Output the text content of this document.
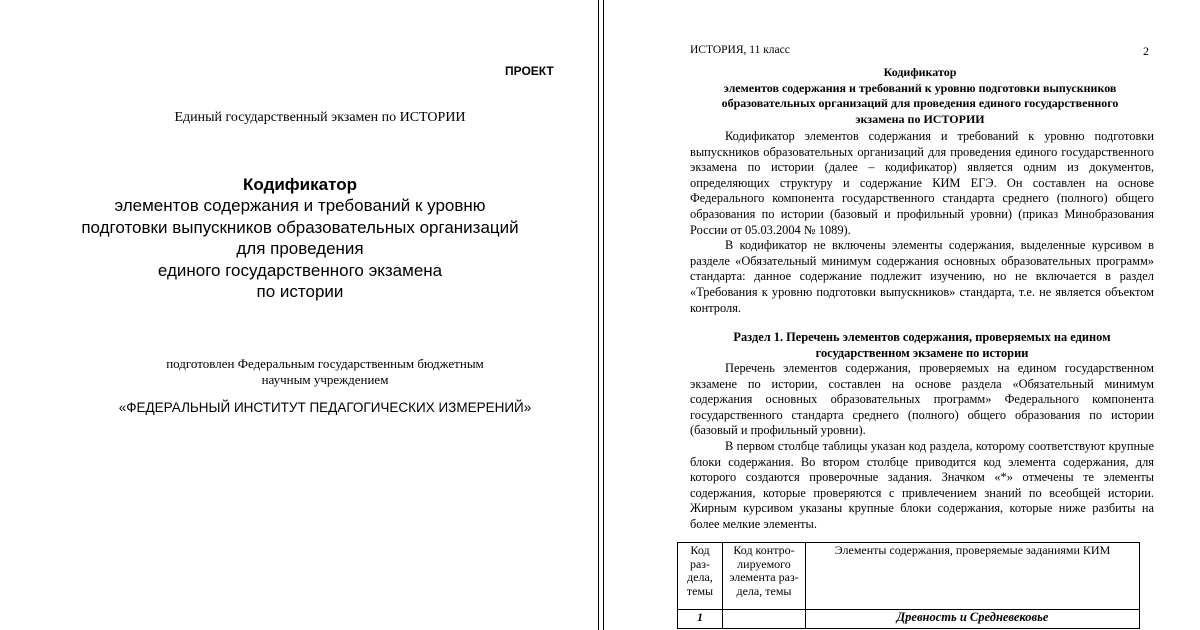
ПРОЕКТ
Единый государственный экзамен по ИСТОРИИ
Кодификатор
элементов содержания и требований к уровню
подготовки выпускников образовательных организаций
для проведения
единого государственного экзамена
по истории
подготовлен Федеральным государственным бюджетным
научным учреждением
«ФЕДЕРАЛЬНЫЙ ИНСТИТУТ ПЕДАГОГИЧЕСКИХ ИЗМЕРЕНИЙ»
ИСТОРИЯ, 11 класс	2
Кодификатор
элементов содержания и требований к уровню подготовки выпускников
образовательных организаций для проведения единого государственного
экзамена по ИСТОРИИ

Кодификатор элементов содержания и требований к уровню подготовки выпускников образовательных организаций для проведения единого государственного экзамена по истории (далее – кодификатор) является одним из документов, определяющих структуру и содержание КИМ ЕГЭ. Он составлен на основе Федерального компонента государственного стандарта среднего (полного) общего образования по истории (базовый и профильный уровни) (приказ Минобразования России от 05.03.2004 № 1089).

В кодификатор не включены элементы содержания, выделенные курсивом в разделе «Обязательный минимум содержания основных образовательных программ» стандарта: данное содержание подлежит изучению, но не включается в раздел «Требования к уровню подготовки выпускников» стандарта, т.е. не является объектом контроля.

Раздел 1. Перечень элементов содержания, проверяемых на едином
государственном экзамене по истории

Перечень элементов содержания, проверяемых на едином государственном экзамене по истории, составлен на основе раздела «Обязательный минимум содержания основных образовательных программ» Федерального компонента государственного стандарта среднего (полного) общего образования по истории (базовый и профильный уровни).

В первом столбце таблицы указан код раздела, которому соответствуют крупные блоки содержания. Во втором столбце приводится код элемента содержания, для которого создаются проверочные задания. Значком «*» отмечены те элементы содержания, которые проверяются с привлечением знаний по всеобщей истории. Жирным курсивом указаны крупные блоки содержания, которые ниже разбиты на более мелкие элементы.

Код раз- дела, темы	Код контро- лируемого элемента раз- дела, темы	Элементы содержания, проверяемые заданиями КИМ
1		Древность и Средневековье
